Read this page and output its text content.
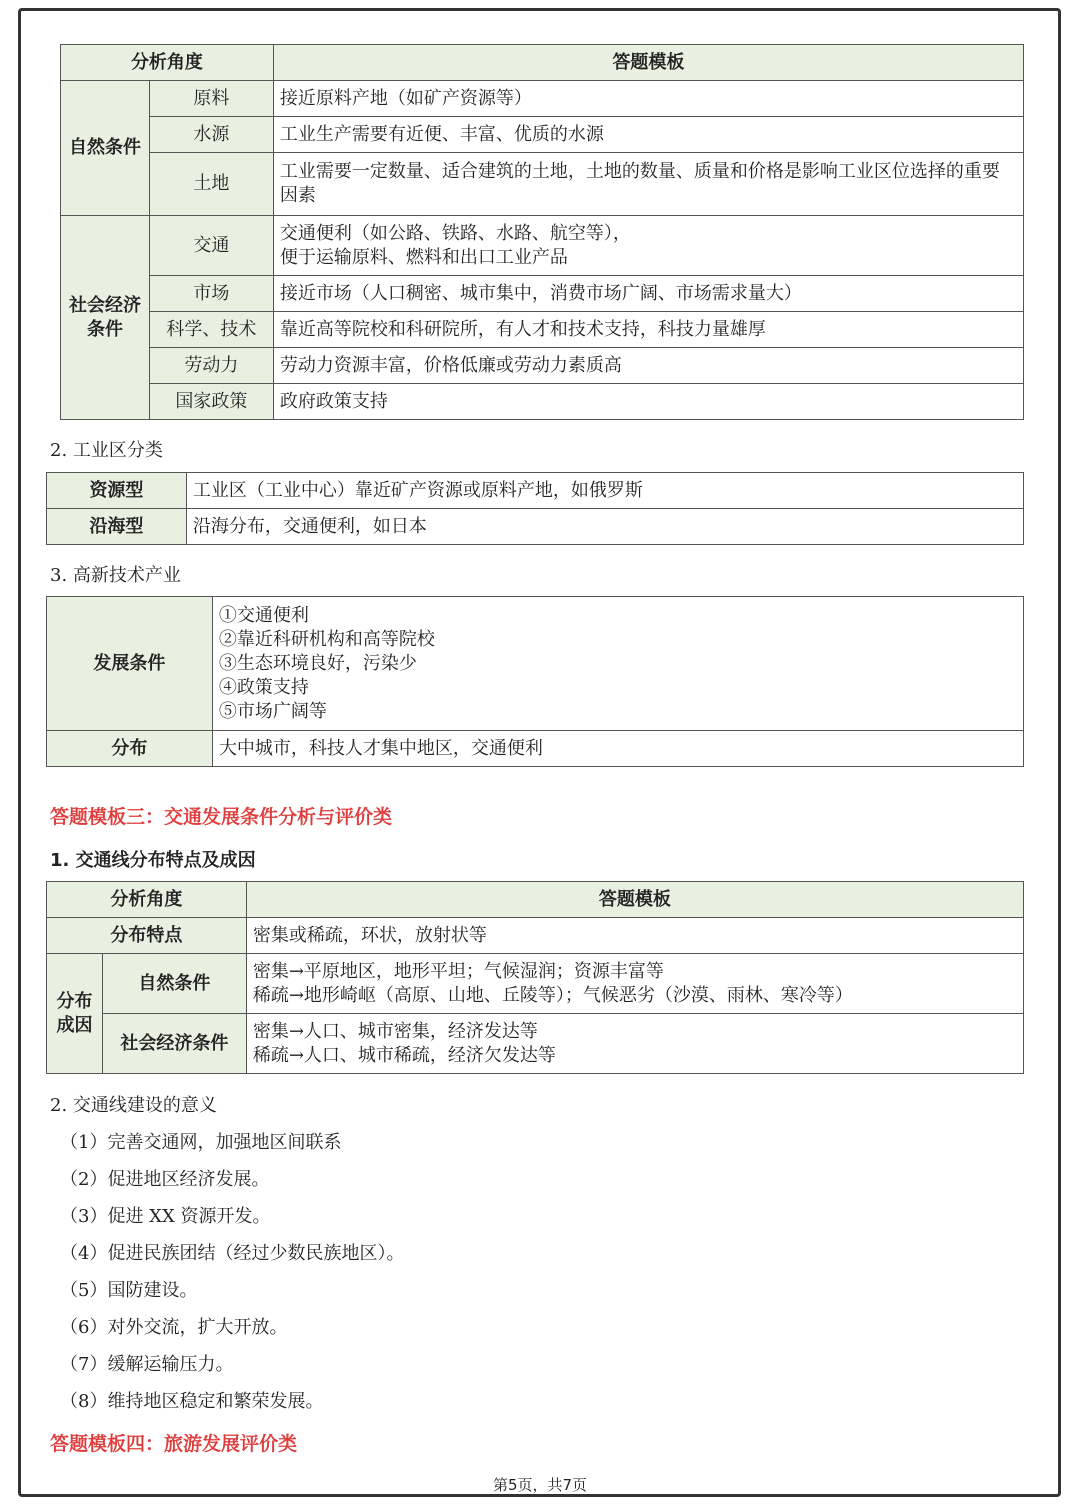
分析角度		答题模板
自然条件	原料	接近原料产地（如矿产资源等）
	水源	工业生产需要有近便、丰富、优质的水源
	土地	工业需要一定数量、适合建筑的土地，土地的数量、质量和价格是影响工业区位选择的重要因素
社会经济条件	交通	交通便利（如公路、铁路、水路、航空等），
便于运输原料、燃料和出口工业产品

	市场	接近市场（人口稠密、城市集中，消费市场广阔、市场需求量大）
	科学、技术	靠近高等院校和科研院所，有人才和技术支持，科技力量雄厚
	劳动力	劳动力资源丰富，价格低廉或劳动力素质高
	国家政策	政府政策支持
2. 工业区分类
资源型	工业区（工业中心）靠近矿产资源或原料产地，如俄罗斯
沿海型	沿海分布，交通便利，如日本
3. 高新技术产业
发展条件	①交通便利
②靠近科研机构和高等院校
③生态环境良好，污染少
④政策支持
⑤市场广阔等

分布	大中城市，科技人才集中地区，交通便利
答题模板三：交通发展条件分析与评价类
1. 交通线分布特点及成因
分析角度		答题模板
分布特点		密集或稀疏，环状，放射状等
分布成因	自然条件	密集→平原地区，地形平坦；气候湿润；资源丰富等
稀疏→地形崎岖（高原、山地、丘陵等）；气候恶劣（沙漠、雨林、寒冷等）

	社会经济条件	密集→人口、城市密集，经济发达等
稀疏→人口、城市稀疏，经济欠发达等
2. 交通线建设的意义
（1）完善交通网，加强地区间联系
（2）促进地区经济发展。
（3）促进 XX 资源开发。
（4）促进民族团结（经过少数民族地区）。
（5）国防建设。
（6）对外交流，扩大开放。
（7）缓解运输压力。
（8）维持地区稳定和繁荣发展。
答题模板四：旅游发展评价类
第5页，共7页
